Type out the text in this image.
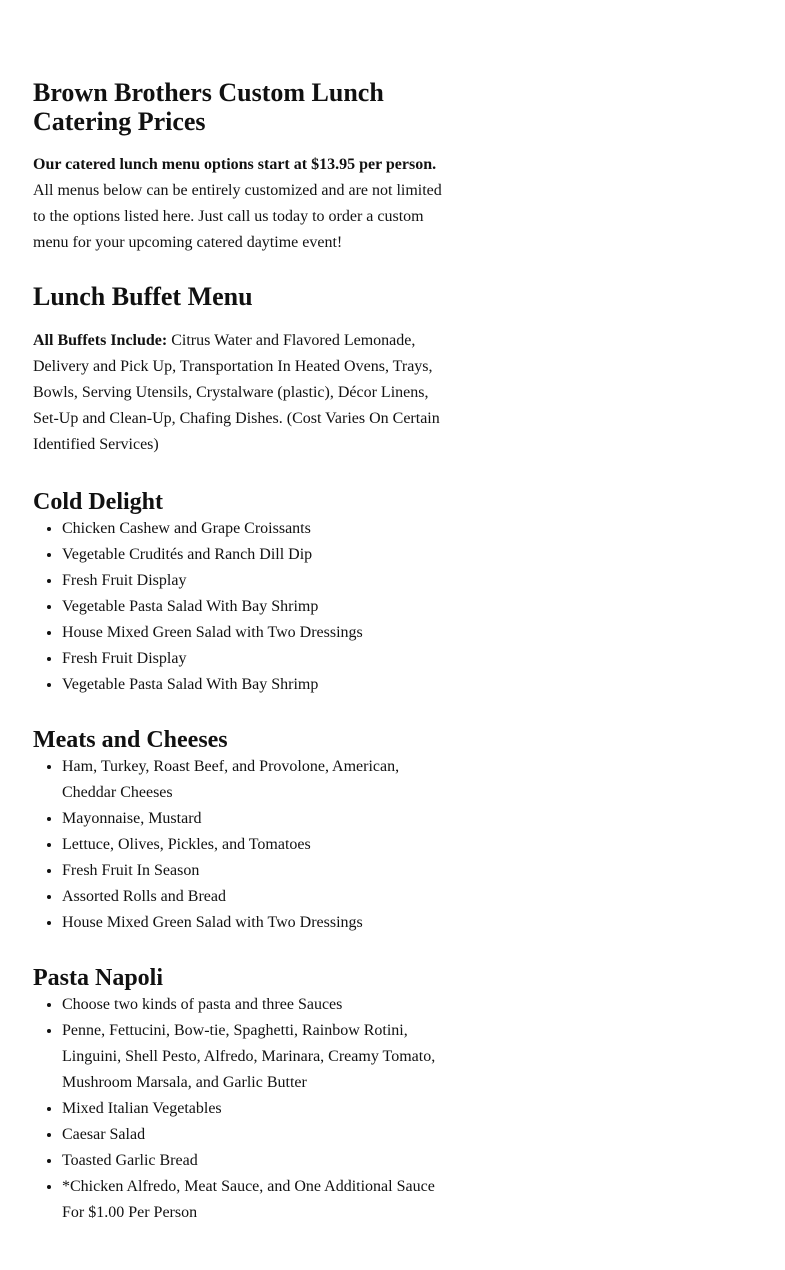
Brown Brothers Custom Lunch Catering Prices

Our catered lunch menu options start at $13.95 per person. All menus below can be entirely customized and are not limited to the options listed here. Just call us today to order a custom menu for your upcoming catered daytime event!

Lunch Buffet Menu

All Buffets Include: Citrus Water and Flavored Lemonade, Delivery and Pick Up, Transportation In Heated Ovens, Trays, Bowls, Serving Utensils, Crystalware (plastic), Décor Linens, Set-Up and Clean-Up, Chafing Dishes. (Cost Varies On Certain Identified Services)

Cold Delight
• Chicken Cashew and Grape Croissants
• Vegetable Crudités and Ranch Dill Dip
• Fresh Fruit Display
• Vegetable Pasta Salad With Bay Shrimp
• House Mixed Green Salad with Two Dressings
• Fresh Fruit Display
• Vegetable Pasta Salad With Bay Shrimp
Meats and Cheeses
• Ham, Turkey, Roast Beef, and Provolone, American, Cheddar Cheeses
• Mayonnaise, Mustard
• Lettuce, Olives, Pickles, and Tomatoes
• Fresh Fruit In Season
• Assorted Rolls and Bread
• House Mixed Green Salad with Two Dressings
Pasta Napoli
• Choose two kinds of pasta and three Sauces
• Penne, Fettucini, Bow-tie, Spaghetti, Rainbow Rotini, Linguini, Shell Pesto, Alfredo, Marinara, Creamy Tomato, Mushroom Marsala, and Garlic Butter
• Mixed Italian Vegetables
• Caesar Salad
• Toasted Garlic Bread
• *Chicken Alfredo, Meat Sauce, and One Additional Sauce For $1.00 Per Person
